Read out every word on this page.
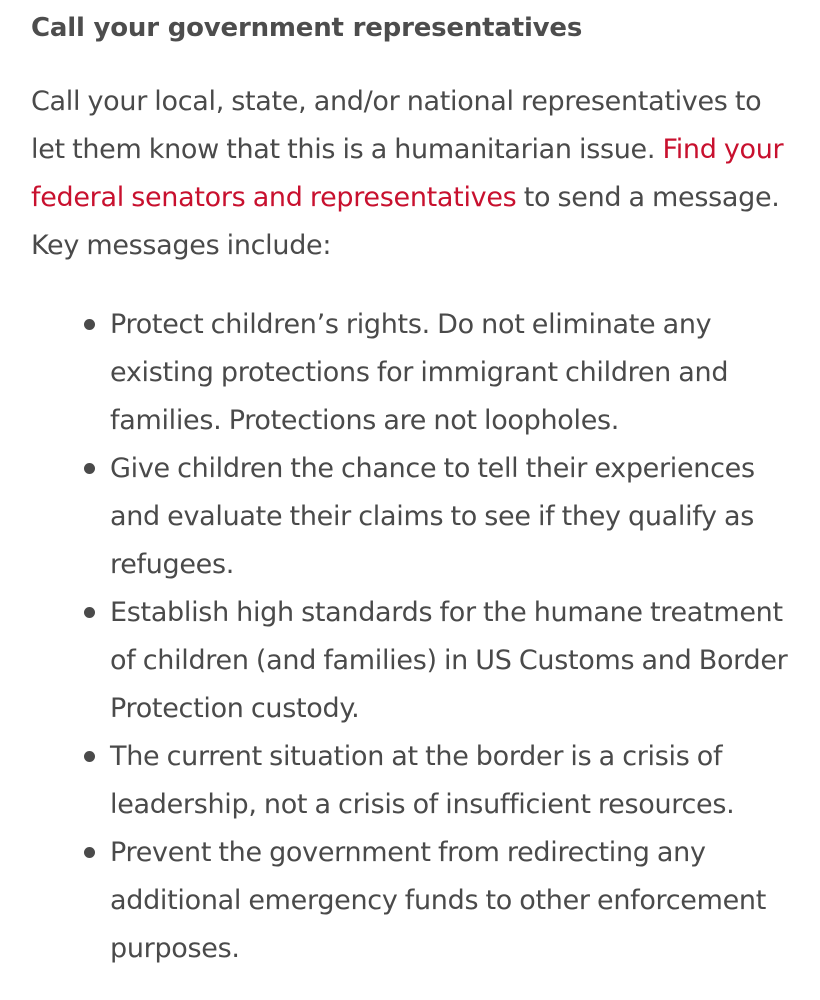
Call your government representatives

Call your local, state, and/or national representatives to let them know that this is a humanitarian issue. Find your federal senators and representatives to send a message. Key messages include:

Protect children’s rights. Do not eliminate any existing protections for immigrant children and families. Protections are not loopholes.
Give children the chance to tell their experiences and evaluate their claims to see if they qualify as refugees.
Establish high standards for the humane treatment of children (and families) in US Customs and Border Protection custody.
The current situation at the border is a crisis of leadership, not a crisis of insufficient resources.
Prevent the government from redirecting any additional emergency funds to other enforcement purposes.
